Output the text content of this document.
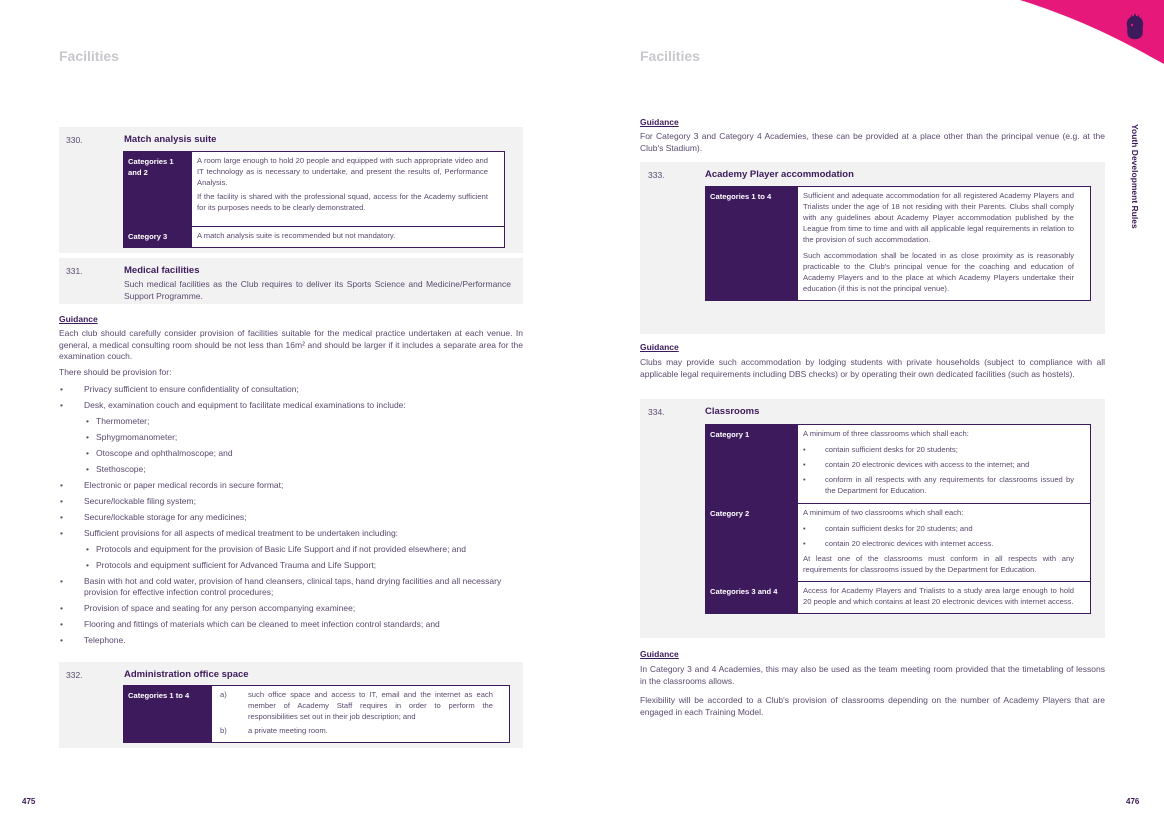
Facilities	Facilities
475	476
Youth Development Rules
330.	Match analysis suite
Categories 1 and 2	A room large enough to hold 20 people and equipped with such appropriate video and IT technology as is necessary to undertake, and present the results of, Performance Analysis.

If the facility is shared with the professional squad, access for the Academy sufficient for its purposes needs to be clearly demonstrated.

Category 3	A match analysis suite is recommended but not mandatory.

331.	Medical facilities
Such medical facilities as the Club requires to deliver its Sports Science and Medicine/Performance Support Programme.
Guidance
Each club should carefully consider provision of facilities suitable for the medical practice undertaken at each venue. In general, a medical consulting room should be not less than 16m² and should be larger if it includes a separate area for the examination couch.
There should be provision for:
• Privacy sufficient to ensure confidentiality of consultation;
• Desk, examination couch and equipment to facilitate medical examinations to include:
• Thermometer;
• Sphygmomanometer;
• Otoscope and ophthalmoscope; and
• Stethoscope;
• Electronic or paper medical records in secure format;
• Secure/lockable filing system;
• Secure/lockable storage for any medicines;
• Sufficient provisions for all aspects of medical treatment to be undertaken including:
• Protocols and equipment for the provision of Basic Life Support and if not provided elsewhere; and
• Protocols and equipment sufficient for Advanced Trauma and Life Support;
• Basin with hot and cold water, provision of hand cleansers, clinical taps, hand drying facilities and all necessary provision for effective infection control procedures;
• Provision of space and seating for any person accompanying examinee;
• Flooring and fittings of materials which can be cleaned to meet infection control standards; and
• Telephone.
332.	Administration office space
Categories 1 to 4	a)	such office space and access to IT, email and the internet as each member of Academy Staff requires in order to perform the responsibilities set out in their job description; and
b)	a private meeting room.
Guidance
For Category 3 and Category 4 Academies, these can be provided at a place other than the principal venue (e.g. at the Club's Stadium).
333.	Academy Player accommodation
Categories 1 to 4	Sufficient and adequate accommodation for all registered Academy Players and Trialists under the age of 18 not residing with their Parents. Clubs shall comply with any guidelines about Academy Player accommodation published by the League from time to time and with all applicable legal requirements in relation to the provision of such accommodation.

Such accommodation shall be located in as close proximity as is reasonably practicable to the Club's principal venue for the coaching and education of Academy Players and to the place at which Academy Players undertake their education (if this is not the principal venue).

Guidance
Clubs may provide such accommodation by lodging students with private households (subject to compliance with all applicable legal requirements including DBS checks) or by operating their own dedicated facilities (such as hostels).
334.	Classrooms
Category 1	A minimum of three classrooms which shall each:

• contain sufficient desks for 20 students;
• contain 20 electronic devices with access to the internet; and
• conform in all respects with any requirements for classrooms issued by the Department for Education.

Category 2	A minimum of two classrooms which shall each:

• contain sufficient desks for 20 students; and
• contain 20 electronic devices with internet access.

At least one of the classrooms must conform in all respects with any requirements for classrooms issued by the Department for Education.

Categories 3 and 4	Access for Academy Players and Trialists to a study area large enough to hold 20 people and which contains at least 20 electronic devices with internet access.

Guidance
In Category 3 and 4 Academies, this may also be used as the team meeting room provided that the timetabling of lessons in the classrooms allows.
Flexibility will be accorded to a Club's provision of classrooms depending on the number of Academy Players that are engaged in each Training Model.
